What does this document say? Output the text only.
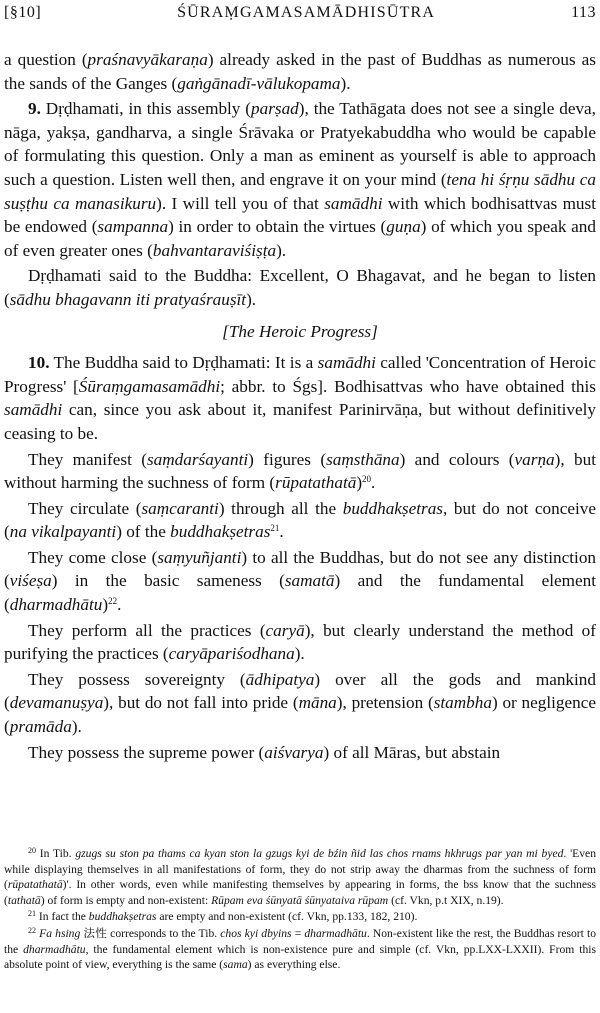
[§10]	ŚŪRAṂGAMASAMĀDHISŪTRA	113

a question (praśnavyākaraṇa) already asked in the past of Buddhas as numerous as the sands of the Ganges (gaṅgānadī-vālukopama).

9. Dṛḍhamati, in this assembly (parṣad), the Tathāgata does not see a single deva, nāga, yakṣa, gandharva, a single Śrāvaka or Pratyekabuddha who would be capable of formulating this question. Only a man as eminent as yourself is able to approach such a question. Listen well then, and engrave it on your mind (tena hi śṛṇu sādhu ca suṣṭhu ca manasikuru). I will tell you of that samādhi with which bodhisattvas must be endowed (sampanna) in order to obtain the virtues (guṇa) of which you speak and of even greater ones (bahvantaraviśiṣṭa).

Dṛḍhamati said to the Buddha: Excellent, O Bhagavat, and he began to listen (sādhu bhagavann iti pratyaśrauṣīt).

[The Heroic Progress]

10. The Buddha said to Dṛḍhamati: It is a samādhi called 'Concentration of Heroic Progress' [Śūraṃgamasamādhi; abbr. to Śgs]. Bodhisattvas who have obtained this samādhi can, since you ask about it, manifest Parinirvāṇa, but without definitively ceasing to be.

They manifest (saṃdarśayanti) figures (saṃsthāna) and colours (varṇa), but without harming the suchness of form (rūpatathatā)$^{20}$.

They circulate (saṃcaranti) through all the buddhakṣetras, but do not conceive (na vikalpayanti) of the buddhakṣetras$^{21}$.

They come close (saṃyuñjanti) to all the Buddhas, but do not see any distinction (viśeṣa) in the basic sameness (samatā) and the fundamental element (dharmadhātu)$^{22}$.

They perform all the practices (caryā), but clearly understand the method of purifying the practices (caryāpariśodhana).

They possess sovereignty (ādhipatya) over all the gods and mankind (devamanuṣya), but do not fall into pride (māna), pretension (stambha) or negligence (pramāda).

They possess the supreme power (aiśvarya) of all Māras, but abstain

$^{20}$ In Tib. gzugs su ston pa thams ca kyan ston la gzugs kyi de bźin ñid las chos rnams hkhrugs par yan mi byed. 'Even while displaying themselves in all manifestations of form, they do not strip away the dharmas from the suchness of form (rūpatathatā)'. In other words, even while manifesting themselves by appearing in forms, the bss know that the suchness (tathatā) of form is empty and non-existent: Rūpam eva śūnyatā śūnyataiva rūpam (cf. Vkn, p.t XIX, n.19).

$^{21}$ In fact the buddhakṣetras are empty and non-existent (cf. Vkn, pp.133, 182, 210).

$^{22}$ Fa hsing 法性 corresponds to the Tib. chos kyi dbyins = dharmadhātu. Non-existent like the rest, the Buddhas resort to the dharmadhātu, the fundamental element which is non-existence pure and simple (cf. Vkn, pp.LXX-LXXII). From this absolute point of view, everything is the same (sama) as everything else.
